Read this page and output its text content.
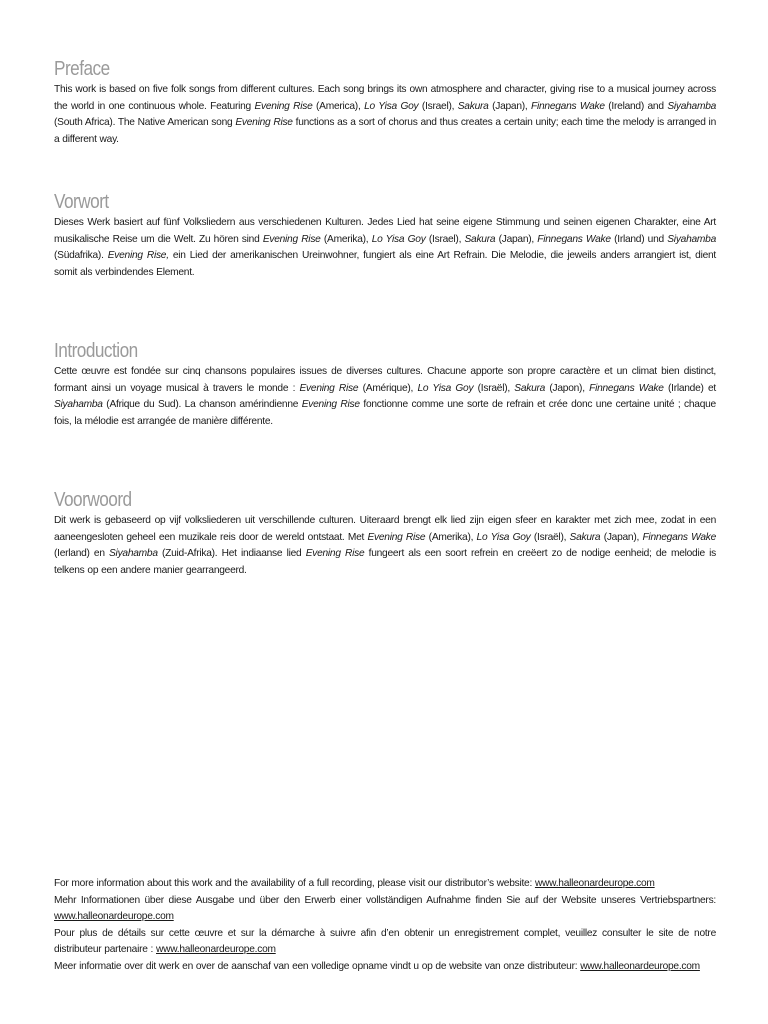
Preface

This work is based on five folk songs from different cultures. Each song brings its own atmosphere and character, giving rise to a musical journey across the world in one continuous whole. Featuring Evening Rise (America), Lo Yisa Goy (Israel), Sakura (Japan), Finnegans Wake (Ireland) and Siyahamba (South Africa). The Native American song Evening Rise functions as a sort of chorus and thus creates a certain unity; each time the melody is arranged in a different way.

Vorwort

Dieses Werk basiert auf fünf Volksliedern aus verschiedenen Kulturen. Jedes Lied hat seine eigene Stimmung und seinen eigenen Charakter, eine Art musikalische Reise um die Welt. Zu hören sind Evening Rise (Amerika), Lo Yisa Goy (Israel), Sakura (Japan), Finnegans Wake (Irland) und Siyahamba (Südafrika). Evening Rise, ein Lied der amerikanischen Ureinwohner, fungiert als eine Art Refrain. Die Melodie, die jeweils anders arrangiert ist, dient somit als verbindendes Element.

Introduction

Cette œuvre est fondée sur cinq chansons populaires issues de diverses cultures. Chacune apporte son propre caractère et un climat bien distinct, formant ainsi un voyage musical à travers le monde : Evening Rise (Amérique), Lo Yisa Goy (Israël), Sakura (Japon), Finnegans Wake (Irlande) et Siyahamba (Afrique du Sud). La chanson amérindienne Evening Rise fonctionne comme une sorte de refrain et crée donc une certaine unité ; chaque fois, la mélodie est arrangée de manière différente.

Voorwoord

Dit werk is gebaseerd op vijf volksliederen uit verschillende culturen. Uiteraard brengt elk lied zijn eigen sfeer en karakter met zich mee, zodat in een aaneengesloten geheel een muzikale reis door de wereld ontstaat. Met Evening Rise (Amerika), Lo Yisa Goy (Israël), Sakura (Japan), Finnegans Wake (Ierland) en Siyahamba (Zuid-Afrika). Het indiaanse lied Evening Rise fungeert als een soort refrein en creëert zo de nodige eenheid; de melodie is telkens op een andere manier gearrangeerd.

For more information about this work and the availability of a full recording, please visit our distributor’s website: www.halleonardeurope.com

Mehr Informationen über diese Ausgabe und über den Erwerb einer vollständigen Aufnahme finden Sie auf der Website unseres Vertriebspartners: www.halleonardeurope.com

Pour plus de détails sur cette œuvre et sur la démarche à suivre afin d’en obtenir un enregistrement complet, veuillez consulter le site de notre distributeur partenaire : www.halleonardeurope.com

Meer informatie over dit werk en over de aanschaf van een volledige opname vindt u op de website van onze distributeur: www.halleonardeurope.com
